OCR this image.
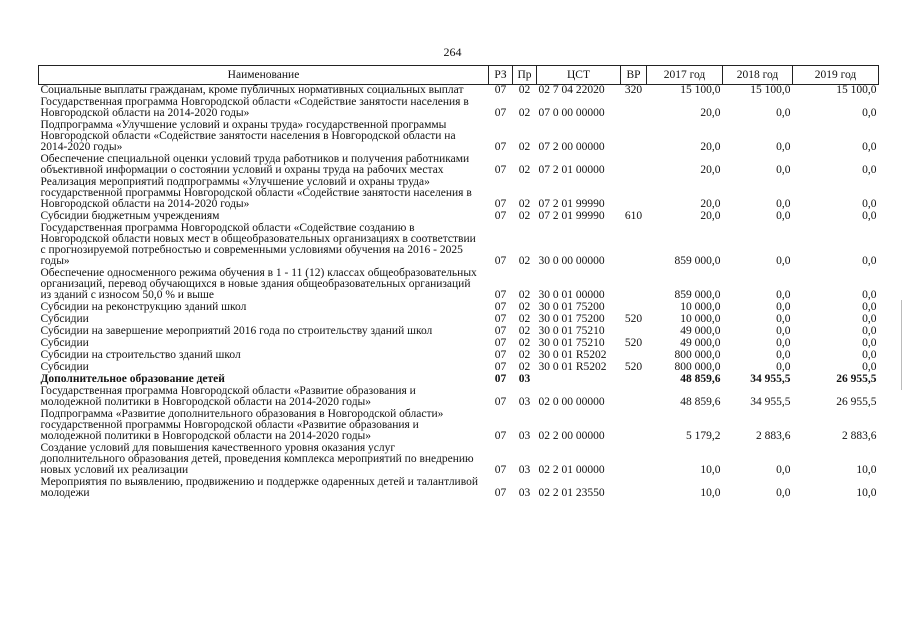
264
Наименование	РЗ	Пр	ЦСТ	ВР	2017 год	2018 год	2019 год
Социальные выплаты гражданам, кроме публичных нормативных социальных выплат	07	02	02 7 04 22020	320	15 100,0	15 100,0	15 100,0
Государственная программа Новгородской области «Содействие занятости населения в Новгородской области на 2014-2020 годы»	07	02	07 0 00 00000		20,0	0,0	0,0
Подпрограмма «Улучшение условий и охраны труда» государственной программы Новгородской области «Содействие занятости населения в Новгородской области на 2014-2020 годы»	07	02	07 2 00 00000		20,0	0,0	0,0
Обеспечение специальной оценки условий труда работников и получения работниками объективной информации о состоянии условий и охраны труда на рабочих местах	07	02	07 2 01 00000		20,0	0,0	0,0
Реализация мероприятий подпрограммы «Улучшение условий и охраны труда» государственной программы Новгородской области «Содействие занятости населения в Новгородской области на 2014-2020 годы»	07	02	07 2 01 99990		20,0	0,0	0,0
Субсидии бюджетным учреждениям	07	02	07 2 01 99990	610	20,0	0,0	0,0
Государственная программа Новгородской области «Содействие созданию в Новгородской области новых мест в общеобразовательных организациях в соответствии с прогнозируемой потребностью и современными условиями обучения на 2016 - 2025 годы»	07	02	30 0 00 00000		859 000,0	0,0	0,0
Обеспечение односменного режима обучения в 1 - 11 (12) классах общеобразовательных организаций, перевод обучающихся в новые здания общеобразовательных организаций из зданий с износом 50,0 % и выше	07	02	30 0 01 00000		859 000,0	0,0	0,0
Субсидии на реконструкцию зданий школ	07	02	30 0 01 75200		10 000,0	0,0	0,0
Субсидии	07	02	30 0 01 75200	520	10 000,0	0,0	0,0
Субсидии на завершение мероприятий 2016 года по строительству зданий школ	07	02	30 0 01 75210		49 000,0	0,0	0,0
Субсидии	07	02	30 0 01 75210	520	49 000,0	0,0	0,0
Субсидии на строительство зданий школ	07	02	30 0 01 R5202		800 000,0	0,0	0,0
Субсидии	07	02	30 0 01 R5202	520	800 000,0	0,0	0,0
Дополнительное образование детей	07	03			48 859,6	34 955,5	26 955,5
Государственная программа Новгородской области «Развитие образования и молодежной политики в Новгородской области на 2014-2020 годы»	07	03	02 0 00 00000		48 859,6	34 955,5	26 955,5
Подпрограмма «Развитие дополнительного образования в Новгородской области» государственной программы Новгородской области «Развитие образования и молодежной политики в Новгородской области на 2014-2020 годы»	07	03	02 2 00 00000		5 179,2	2 883,6	2 883,6
Создание условий для повышения качественного уровня оказания услуг дополнительного образования детей, проведения комплекса мероприятий по внедрению новых условий их реализации	07	03	02 2 01 00000		10,0	0,0	10,0
Мероприятия по выявлению, продвижению и поддержке одаренных детей и талантливой молодежи	07	03	02 2 01 23550		10,0	0,0	10,0
